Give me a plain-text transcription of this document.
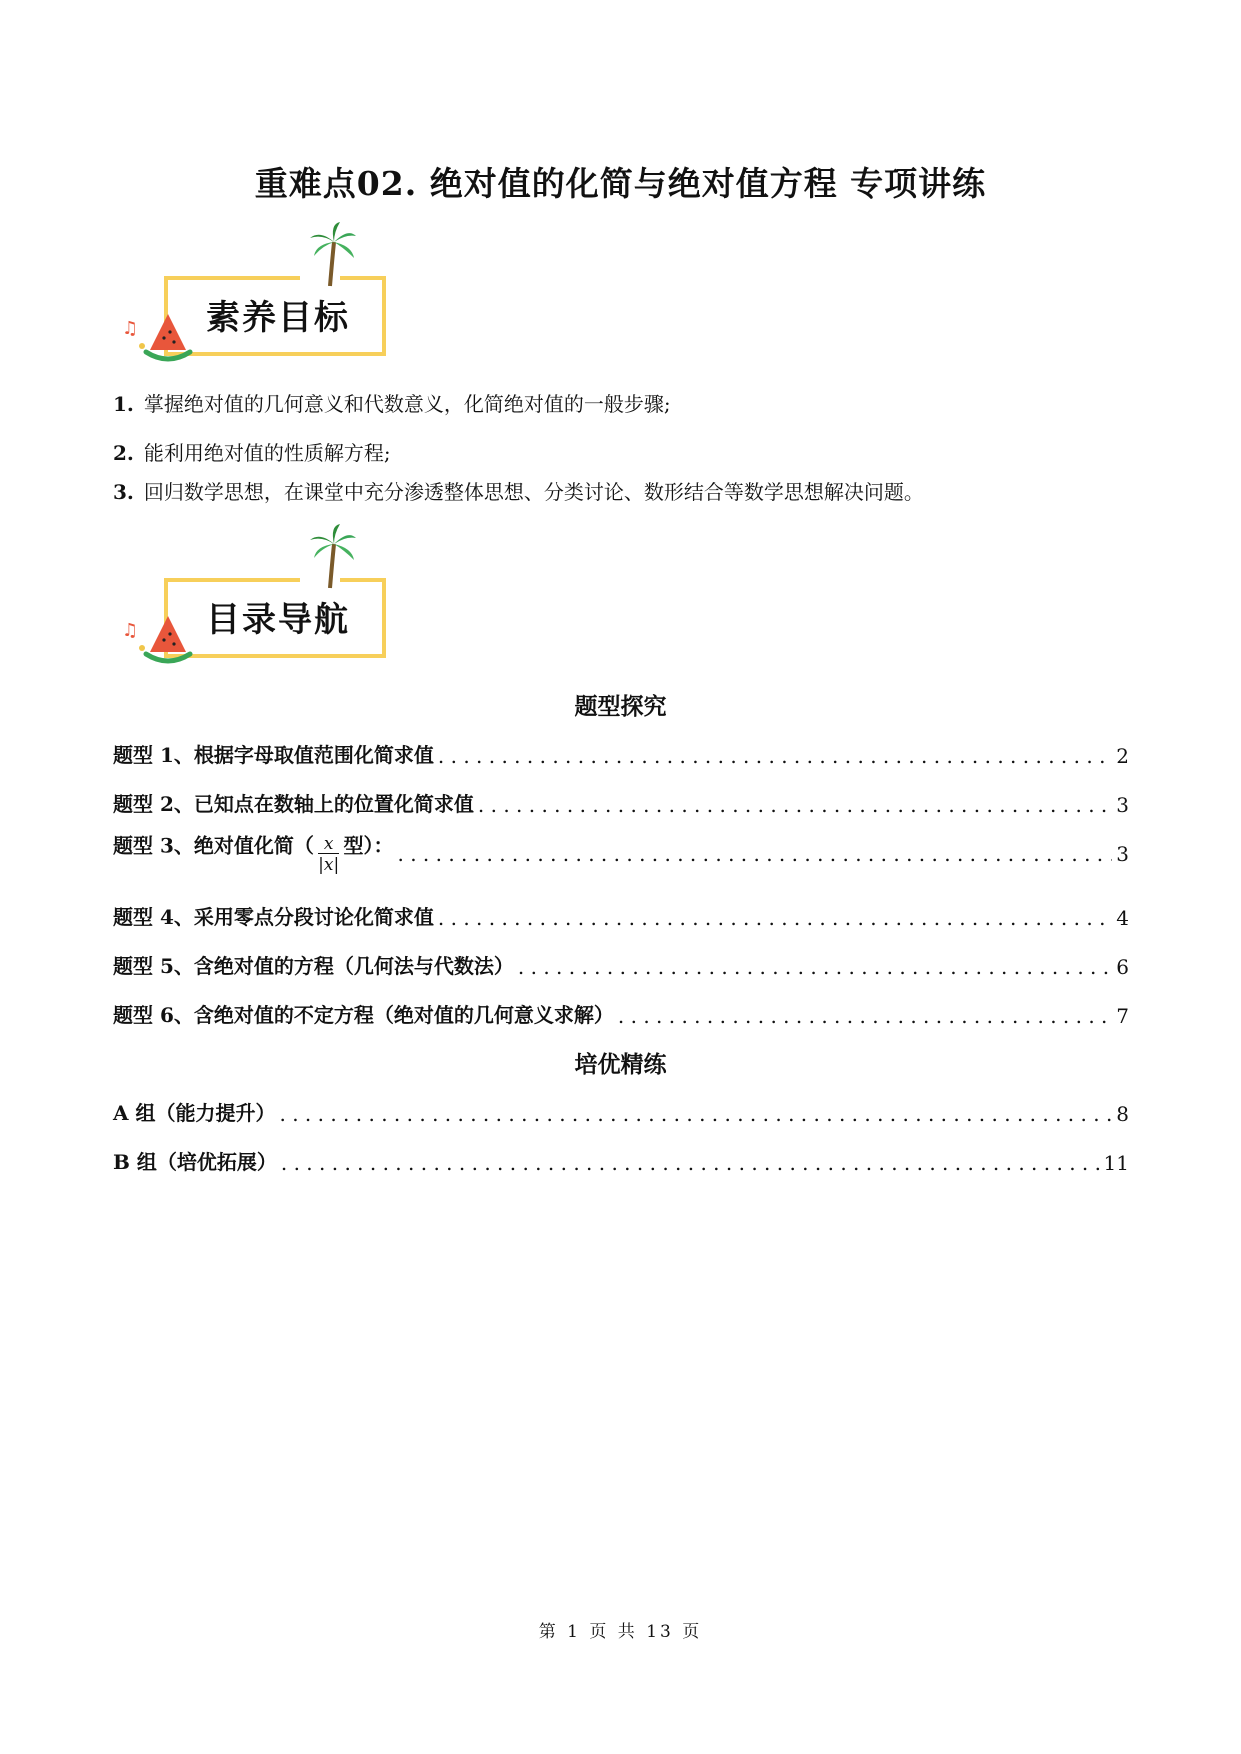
重难点02. 绝对值的化简与绝对值方程 专项讲练
♫ 素养目标
1. 掌握绝对值的几何意义和代数意义，化简绝对值的一般步骤;
2. 能利用绝对值的性质解方程;
3. 回归数学思想，在课堂中充分渗透整体思想、分类讨论、数形结合等数学思想解决问题。
♫ 目录导航
题型探究
题型 1、根据字母取值范围化简求值 . . .	2
题型 2、已知点在数轴上的位置化简求值 . . .	3
题型 3、绝对值化简（ $\frac{x}{|x|}$ 型）： . . .	3
题型 4、采用零点分段讨论化简求值 . . .	4
题型 5、含绝对值的方程（几何法与代数法） . . .	6
题型 6、含绝对值的不定方程（绝对值的几何意义求解） . . .	7
培优精练
A 组（能力提升） . . .	8
B 组（培优拓展） . . .	11
第 1 页 共 13 页
